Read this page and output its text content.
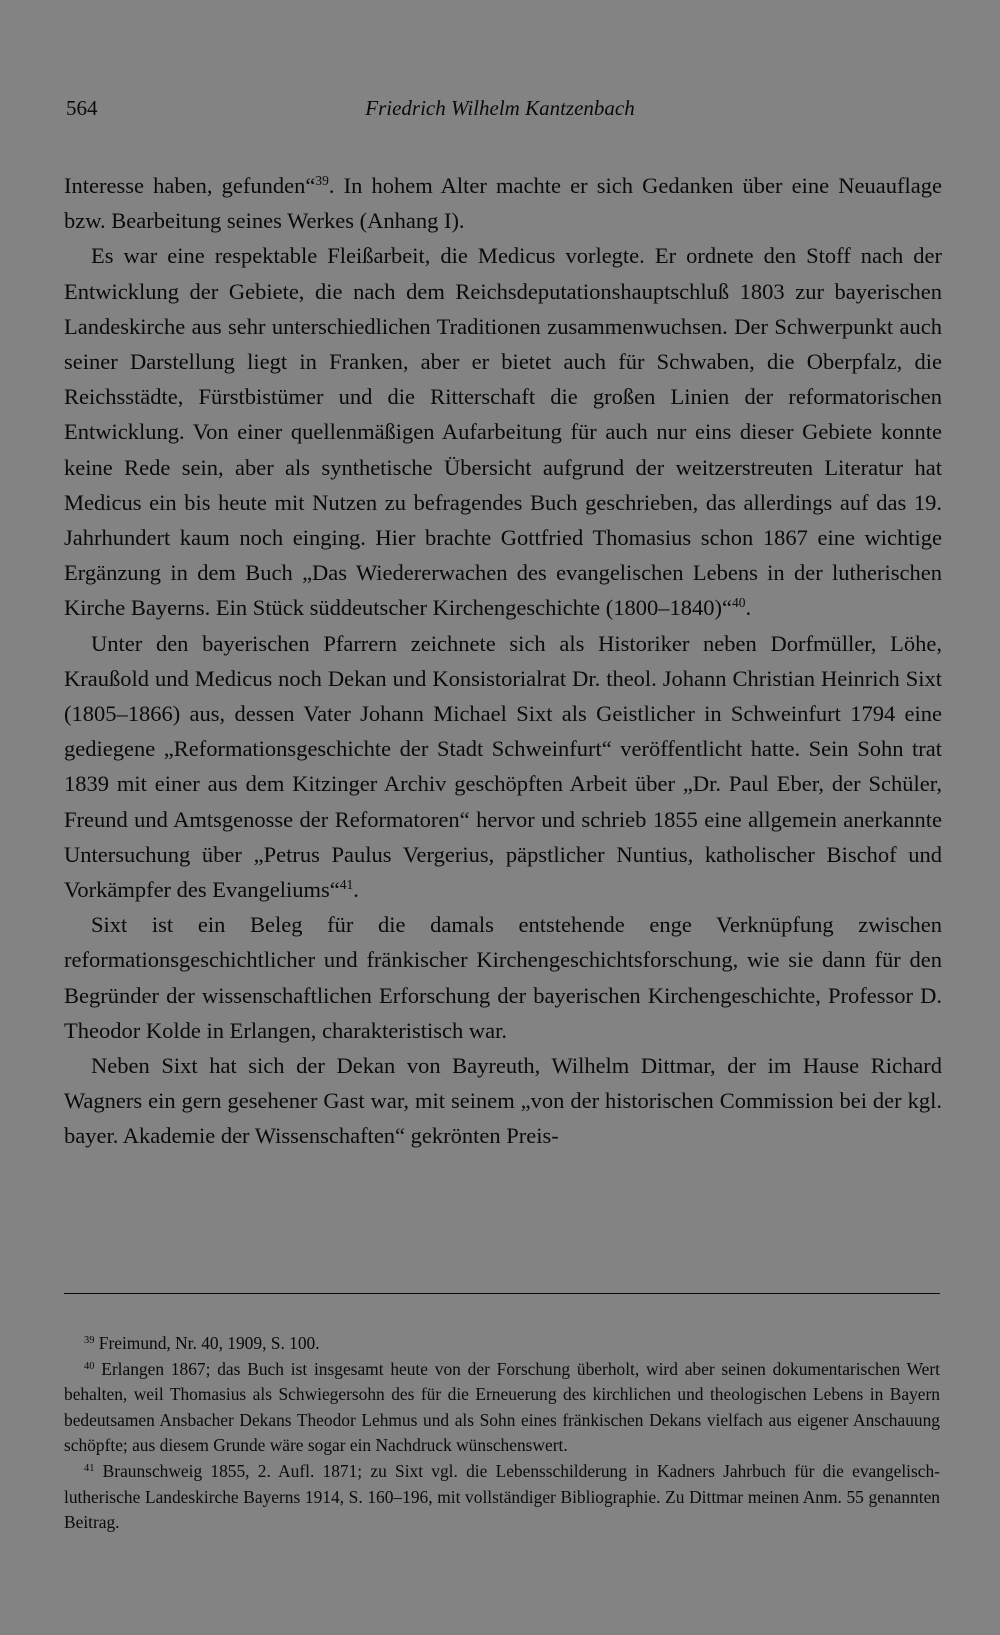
564	Friedrich Wilhelm Kantzenbach

Interesse haben, gefunden“$^{39}$. In hohem Alter machte er sich Gedanken über eine Neuauflage bzw. Bearbeitung seines Werkes (Anhang I).

Es war eine respektable Fleißarbeit, die Medicus vorlegte. Er ordnete den Stoff nach der Entwicklung der Gebiete, die nach dem Reichsdeputationshauptschluß 1803 zur bayerischen Landeskirche aus sehr unterschiedlichen Traditionen zusammenwuchsen. Der Schwerpunkt auch seiner Darstellung liegt in Franken, aber er bietet auch für Schwaben, die Oberpfalz, die Reichsstädte, Fürstbistümer und die Ritterschaft die großen Linien der reformatorischen Entwicklung. Von einer quellenmäßigen Aufarbeitung für auch nur eins dieser Gebiete konnte keine Rede sein, aber als synthetische Übersicht aufgrund der weitzerstreuten Literatur hat Medicus ein bis heute mit Nutzen zu befragendes Buch geschrieben, das allerdings auf das 19. Jahrhundert kaum noch einging. Hier brachte Gottfried Thomasius schon 1867 eine wichtige Ergänzung in dem Buch „Das Wiedererwachen des evangelischen Lebens in der lutherischen Kirche Bayerns. Ein Stück süddeutscher Kirchengeschichte (1800–1840)“$^{40}$.

Unter den bayerischen Pfarrern zeichnete sich als Historiker neben Dorfmüller, Löhe, Kraußold und Medicus noch Dekan und Konsistorialrat Dr. theol. Johann Christian Heinrich Sixt (1805–1866) aus, dessen Vater Johann Michael Sixt als Geistlicher in Schweinfurt 1794 eine gediegene „Reformationsgeschichte der Stadt Schweinfurt“ veröffentlicht hatte. Sein Sohn trat 1839 mit einer aus dem Kitzinger Archiv geschöpften Arbeit über „Dr. Paul Eber, der Schüler, Freund und Amtsgenosse der Reformatoren“ hervor und schrieb 1855 eine allgemein anerkannte Untersuchung über „Petrus Paulus Vergerius, päpstlicher Nuntius, katholischer Bischof und Vorkämpfer des Evangeliums“$^{41}$.

Sixt ist ein Beleg für die damals entstehende enge Verknüpfung zwischen reformationsgeschichtlicher und fränkischer Kirchengeschichtsforschung, wie sie dann für den Begründer der wissenschaftlichen Erforschung der bayerischen Kirchengeschichte, Professor D. Theodor Kolde in Erlangen, charakteristisch war.

Neben Sixt hat sich der Dekan von Bayreuth, Wilhelm Dittmar, der im Hause Richard Wagners ein gern gesehener Gast war, mit seinem „von der historischen Commission bei der kgl. bayer. Akademie der Wissenschaften“ gekrönten Preis-

$^{39}$ Freimund, Nr. 40, 1909, S. 100.

$^{40}$ Erlangen 1867; das Buch ist insgesamt heute von der Forschung überholt, wird aber seinen dokumentarischen Wert behalten, weil Thomasius als Schwiegersohn des für die Erneuerung des kirchlichen und theologischen Lebens in Bayern bedeutsamen Ansbacher Dekans Theodor Lehmus und als Sohn eines fränkischen Dekans vielfach aus eigener Anschauung schöpfte; aus diesem Grunde wäre sogar ein Nachdruck wünschenswert.

$^{41}$ Braunschweig 1855, 2. Aufl. 1871; zu Sixt vgl. die Lebensschilderung in Kadners Jahrbuch für die evangelisch-lutherische Landeskirche Bayerns 1914, S. 160–196, mit vollständiger Bibliographie. Zu Dittmar meinen Anm. 55 genannten Beitrag.
